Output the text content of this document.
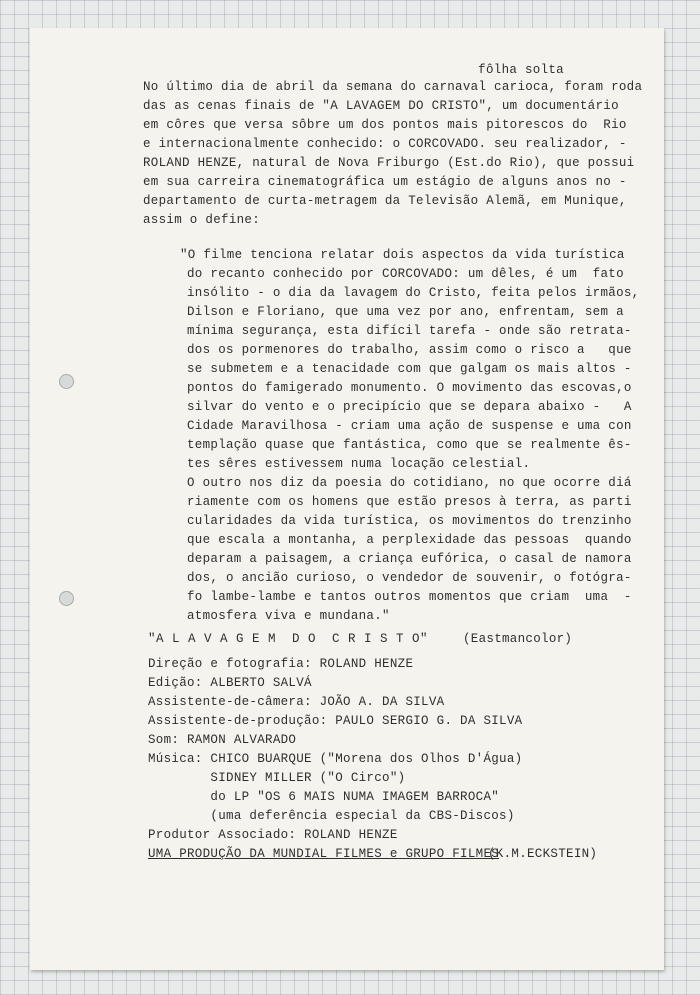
fôlha solta
No último dia de abril da semana do carnaval carioca, foram roda
das as cenas finais de "A LAVAGEM DO CRISTO", um documentário
em côres que versa sôbre um dos pontos mais pitorescos do  Rio
e internacionalmente conhecido: o CORCOVADO. seu realizador, -
ROLAND HENZE, natural de Nova Friburgo (Est.do Rio), que possui
em sua carreira cinematográfica um estágio de alguns anos no -
departamento de curta-metragem da Televisão Alemã, em Munique,
assim o define:
"O filme tenciona relatar dois aspectos da vida turística
do recanto conhecido por CORCOVADO: um dêles, é um  fato
insólito - o dia da lavagem do Cristo, feita pelos irmãos,
Dilson e Floriano, que uma vez por ano, enfrentam, sem a
mínima segurança, esta difícil tarefa - onde são retrata-
dos os pormenores do trabalho, assim como o risco a   que
se submetem e a tenacidade com que galgam os mais altos -
pontos do famigerado monumento. O movimento das escovas,o
silvar do vento e o precipício que se depara abaixo -   A
Cidade Maravilhosa - criam uma ação de suspense e uma con
templação quase que fantástica, como que se realmente ês-
tes sêres estivessem numa locação celestial.
O outro nos diz da poesia do cotidiano, no que ocorre diá
riamente com os homens que estão presos à terra, as parti
cularidades da vida turística, os movimentos do trenzinho
que escala a montanha, a perplexidade das pessoas  quando
deparam a paisagem, a criança eufórica, o casal de namora
dos, o ancião curioso, o vendedor de souvenir, o fotógra-
fo lambe-lambe e tantos outros momentos que criam  uma  -
atmosfera viva e mundana."
"A L A V A G E M  D O  C R I S T O"	(Eastmancolor)
Direção e fotografia: ROLAND HENZE
Edição: ALBERTO SALVÁ
Assistente-de-câmera: JOÃO A. DA SILVA
Assistente-de-produção: PAULO SERGIO G. DA SILVA
Som: RAMON ALVARADO
Música: CHICO BUARQUE ("Morena dos Olhos D'Água)
SIDNEY MILLER ("O Circo")
do LP "OS 6 MAIS NUMA IMAGEM BARROCA"
(uma deferência especial da CBS-Discos)
Produtor Associado: ROLAND HENZE
UMA PRODUÇÃO DA MUNDIAL FILMES e GRUPO FILMES
(K.M.ECKSTEIN)
